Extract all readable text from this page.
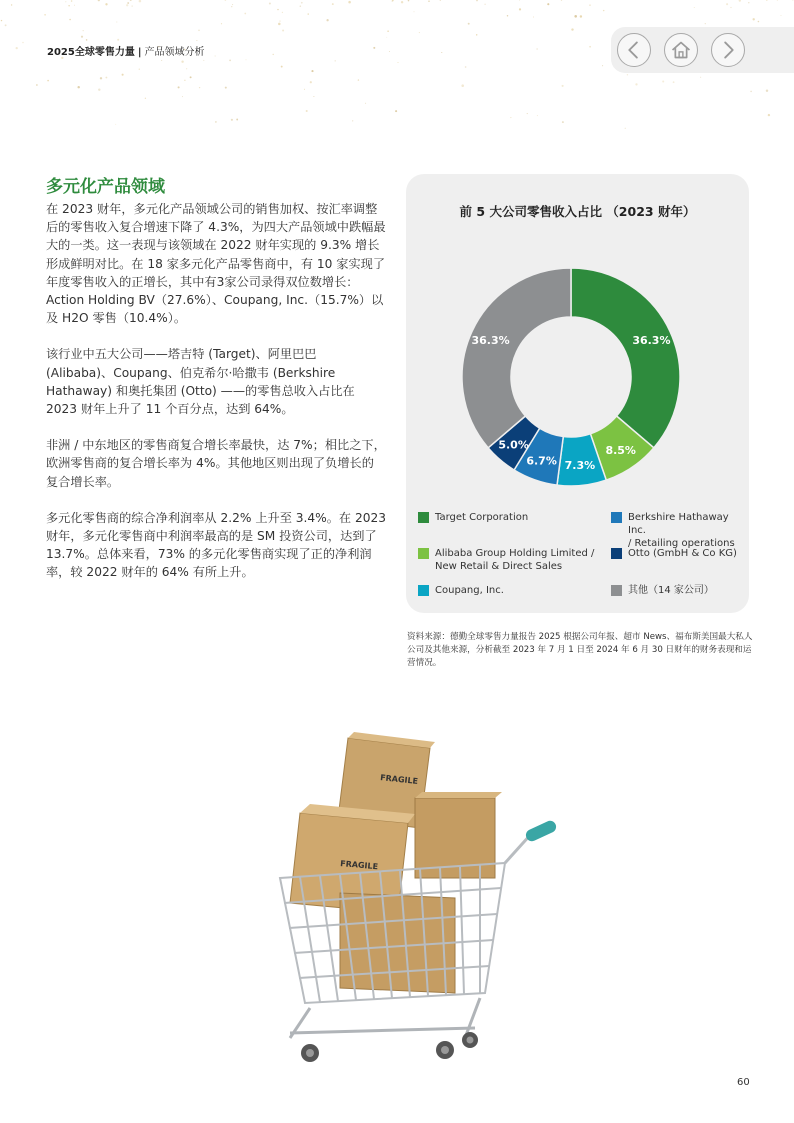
2025全球零售力量 | 产品领域分析
多元化产品领域

在 2023 财年，多元化产品领域公司的销售加权、按汇率调整后的零售收入复合增速下降了 4.3%，为四大产品领域中跌幅最大的一类。这一表现与该领域在 2022 财年实现的 9.3% 增长形成鲜明对比。在 18 家多元化产品零售商中，有 10 家实现了年度零售收入的正增长，其中有3家公司录得双位数增长：Action Holding BV（27.6%）、Coupang, Inc.（15.7%）以及 H2O 零售（10.4%）。

该行业中五大公司——塔吉特 (Target)、阿里巴巴 (Alibaba)、Coupang、伯克希尔·哈撒韦 (Berkshire Hathaway) 和奥托集团 (Otto) ——的零售总收入占比在 2023 财年上升了 11 个百分点，达到 64%。

非洲 / 中东地区的零售商复合增长率最快，达 7%；相比之下，欧洲零售商的复合增长率为 4%。其他地区则出现了负增长的复合增长率。

多元化零售商的综合净利润率从 2.2% 上升至 3.4%。在 2023 财年，多元化零售商中利润率最高的是 SM 投资公司，达到了 13.7%。总体来看，73% 的多元化零售商实现了正的净利润率，较 2022 财年的 64% 有所上升。

前 5 大公司零售收入占比 （2023 财年）
36.3%
8.5%
7.3%
6.7%
5.0%
36.3%
Target Corporation	Berkshire Hathaway Inc.
/ Retailing operations
Alibaba Group Holding Limited /
New Retail & Direct Sales
Otto (GmbH & Co KG)
Coupang, Inc.	其他（14 家公司）
资料来源：德勤全球零售力量报告 2025 根据公司年报、超市 News、福布斯美国最大私人公司及其他来源，分析截至 2023 年 7 月 1 日至 2024 年 6 月 30 日财年的财务表现和运营情况。
FRAGILE
FRAGILE
60
